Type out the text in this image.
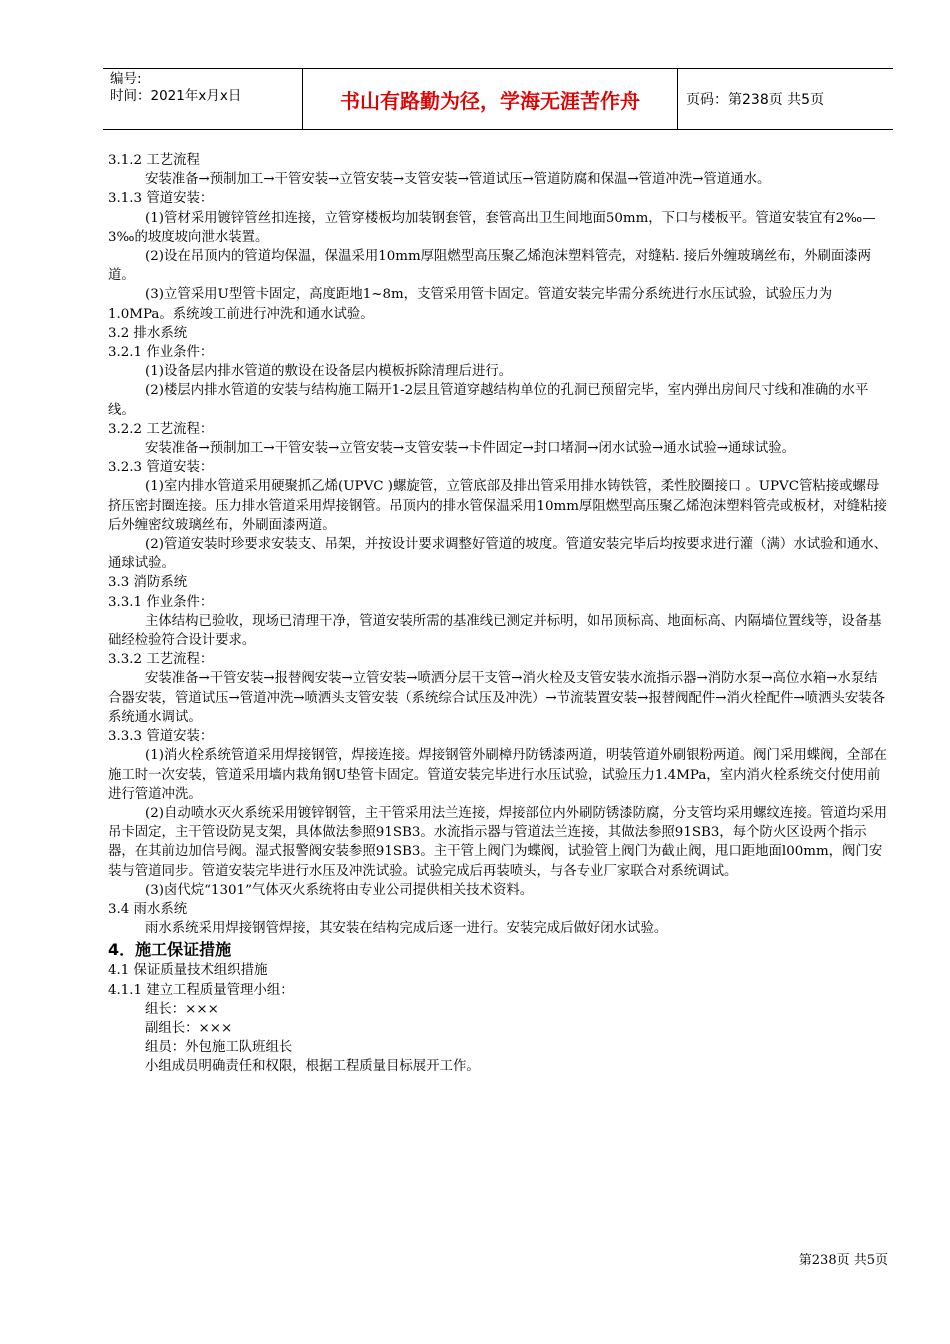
编号:
时间：2021年x月x日	书山有路勤为径，学海无涯苦作舟	页码：第238页 共5页

3.1.2 工艺流程

安装准备→预制加工→干管安装→立管安装→支管安装→管道试压→管道防腐和保温→管道冲洗→管道通水。

3.1.3 管道安装：

(1)管材采用镀锌管丝扣连接，立管穿楼板均加装钢套管，套管高出卫生间地面50mm，下口与楼板平。管道安装宜有2‰—3‰的坡度坡向泄水装置。

(2)设在吊顶内的管道均保温，保温采用10mm厚阻燃型高压聚乙烯泡沫塑料管壳，对缝粘. 接后外缠玻璃丝布，外刷面漆两道。

(3)立管采用U型管卡固定，高度距地1~8m，支管采用管卡固定。管道安装完毕需分系统进行水压试验，试验压力为1.0MPa。系统竣工前进行冲洗和通水试验。

3.2 排水系统

3.2.1 作业条件：

(1)设备层内排水管道的敷设在设备层内模板拆除清理后进行。

(2)楼层内排水管道的安装与结构施工隔开1-2层且管道穿越结构单位的孔洞已预留完毕，室内弹出房间尺寸线和准确的水平线。

3.2.2 工艺流程：

安装准备→预制加工→干管安装→立管安装→支管安装→卡件固定→封口堵洞→闭水试验→通水试验→通球试验。

3.2.3 管道安装：

(1)室内排水管道采用硬聚抓乙烯(UPVC )螺旋管，立管底部及排出管采用排水铸铁管，柔性胶圈接口 。UPVC管粘接或螺母挤压密封圈连接。压力排水管道采用焊接钢管。吊顶内的排水管保温采用10mm厚阻燃型高压聚乙烯泡沫塑料管壳或板材，对缝粘接后外缠密纹玻璃丝布，外刷面漆两道。

(2)管道安装时珍要求安装支、吊架，并按设计要求调整好管道的坡度。管道安装完毕后均按要求进行灌（满）水试验和通水、通球试验。

3.3 消防系统

3.3.1 作业条件：

主体结构已验收，现场已清理干净，管道安装所需的基准线已测定并标明，如吊顶标高、地面标高、内隔墙位置线等，设备基础经检验符合设计要求。

3.3.2 工艺流程：

安装准备→干管安装→报替阀安装→立管安装→喷洒分层干支管→消火栓及支管安装水流指示器→消防水泵→高位水箱→水泵结合器安装，管道试压→管道冲洗→喷洒头支管安装（系统综合试压及冲洗）→节流装置安装→报替阀配件→消火栓配件→喷洒头安装各系统通水调试。

3.3.3 管道安装：

(1)消火栓系统管道采用焊接钢管，焊接连接。焊接钢管外刷樟丹防锈漆两道，明装管道外刷银粉两道。阀门采用蝶阀，全部在施工时一次安装，管道采用墙内栽角钢U垫管卡固定。管道安装完毕进行水压试验，试验压力1.4MPa，室内消火栓系统交付使用前进行管道冲洗。

(2)自动喷水灭火系统采用镀锌钢管，主干管采用法兰连接，焊接部位内外刷防锈漆防腐，分支管均采用螺纹连接。管道均采用吊卡固定，主干管设防晃支架，具体做法参照91SB3。水流指示器与管道法兰连接，其做法参照91SB3，每个防火区设两个指示器，在其前边加信号阀。湿式报警阀安装参照91SB3。主干管上阀门为蝶阀，试验管上阀门为截止阀，甩口距地面l00mm，阀门安装与管道同步。管道安装完毕进行水压及冲洗试验。试验完成后再装喷头，与各专业厂家联合对系统调试。

(3)卤代烷“1301”气体灭火系统将由专业公司提供相关技术资料。

3.4 雨水系统

雨水系统采用焊接钢管焊接，其安装在结构完成后逐一进行。安装完成后做好闭水试验。

4．施工保证措施

4.1 保证质量技术组织措施

4.1.1 建立工程质量管理小组：

组长：×××

副组长：×××

组员：外包施工队班组长

小组成员明确责任和权限，根据工程质量目标展开工作。

第238页 共5页
